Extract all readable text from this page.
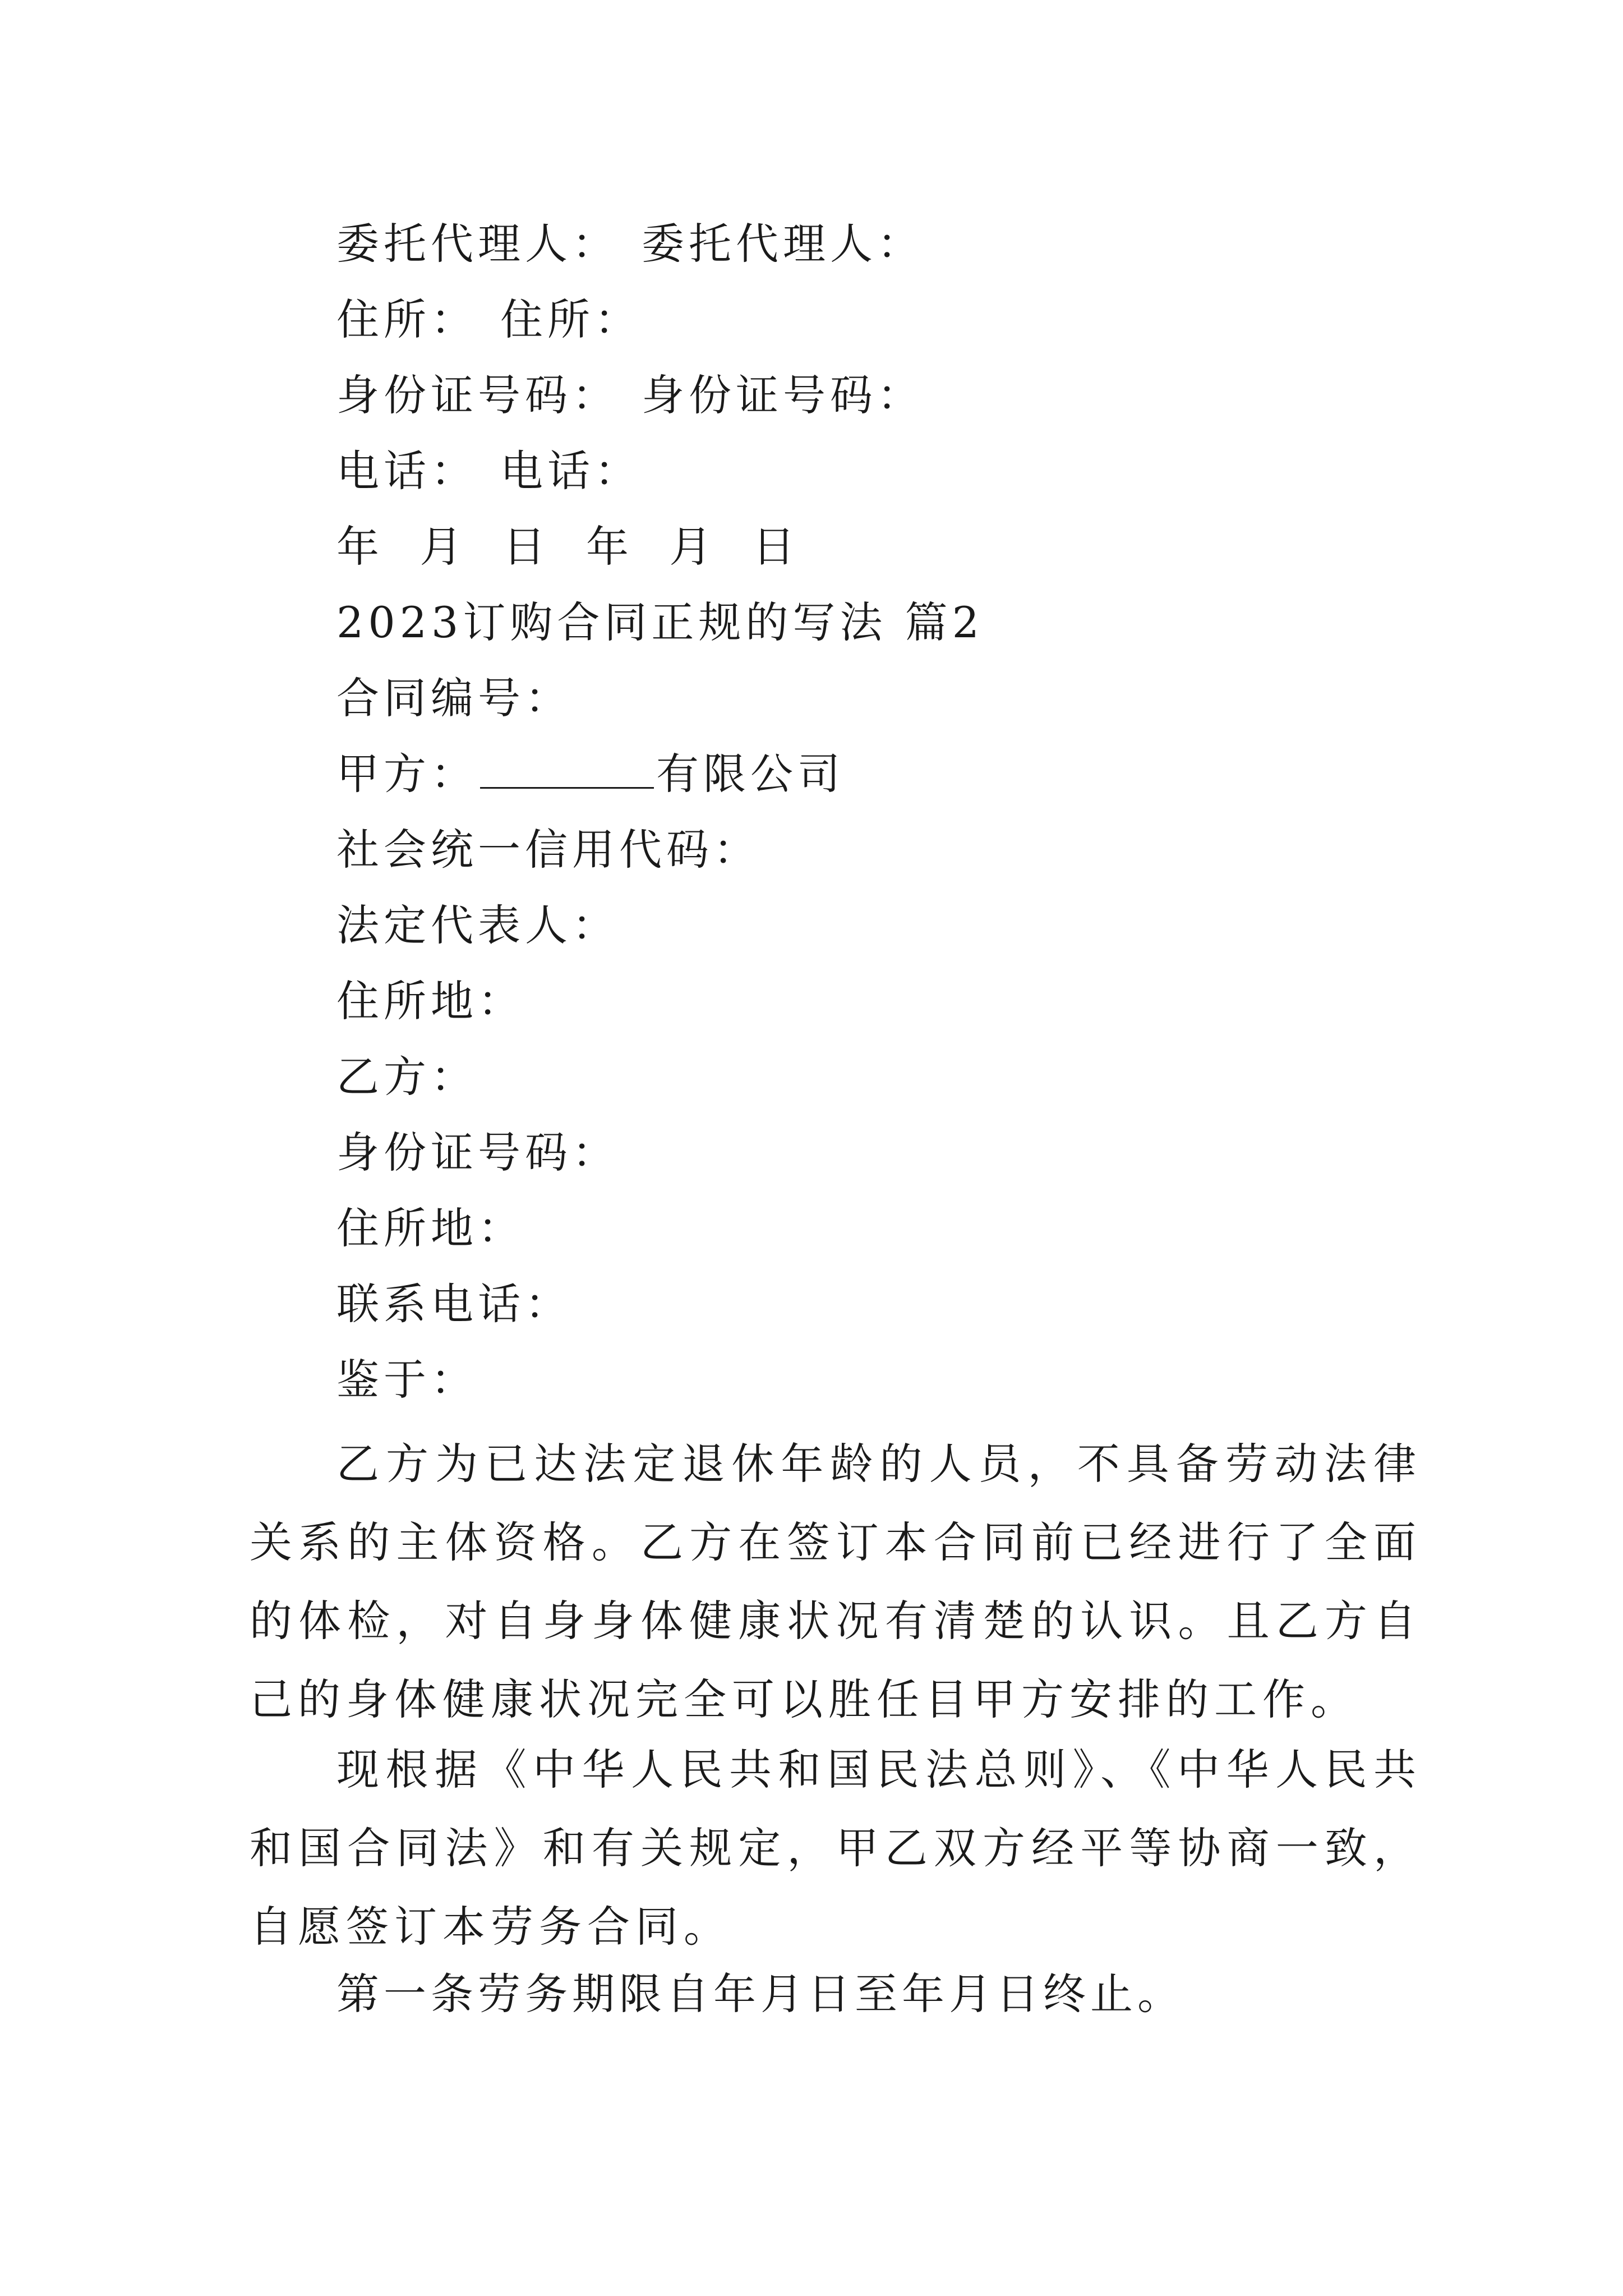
委托代理人： 委托代理人：
住所： 住所：
身份证号码： 身份证号码：
电话： 电话：
年  月  日  年  月  日
2023订购合同正规的写法 篇2
合同编号：
甲方：	有限公司
社会统一信用代码：
法定代表人：
住所地：
乙方：
身份证号码：
住所地：
联系电话：
鉴于：
乙方为已达法定退休年龄的人员，不具备劳动法律关系的主体资格。乙方在签订本合同前已经进行了全面的体检，对自身身体健康状况有清楚的认识。且乙方自己的身体健康状况完全可以胜任目甲方安排的工作。
现根据《中华人民共和国民法总则》、《中华人民共和国合同法》和有关规定，甲乙双方经平等协商一致，自愿签订本劳务合同。
第一条劳务期限自年月日至年月日终止。
